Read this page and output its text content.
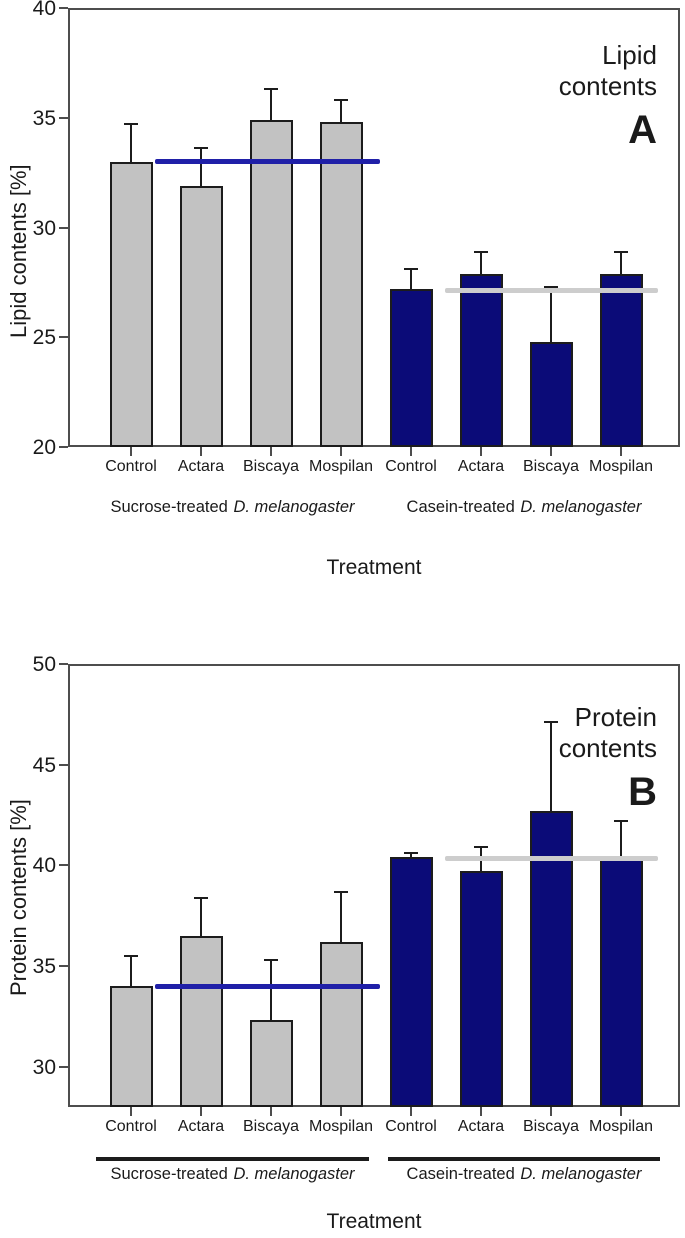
20
25
30
35
40
Control	Actara	Biscaya Mospilan Control	Actara	Biscaya Mospilan
Sucrose-treated D. melanogaster	Casein-treated D. melanogaster
Lipid contents [%]
Treatment
Lipid
contents
A
30
35
40
45
50
Control	Actara	Biscaya Mospilan Control	Actara	Biscaya Mospilan
Sucrose-treated D. melanogaster	Casein-treated D. melanogaster
Protein contents [%]
Treatment
Protein
contents
B
